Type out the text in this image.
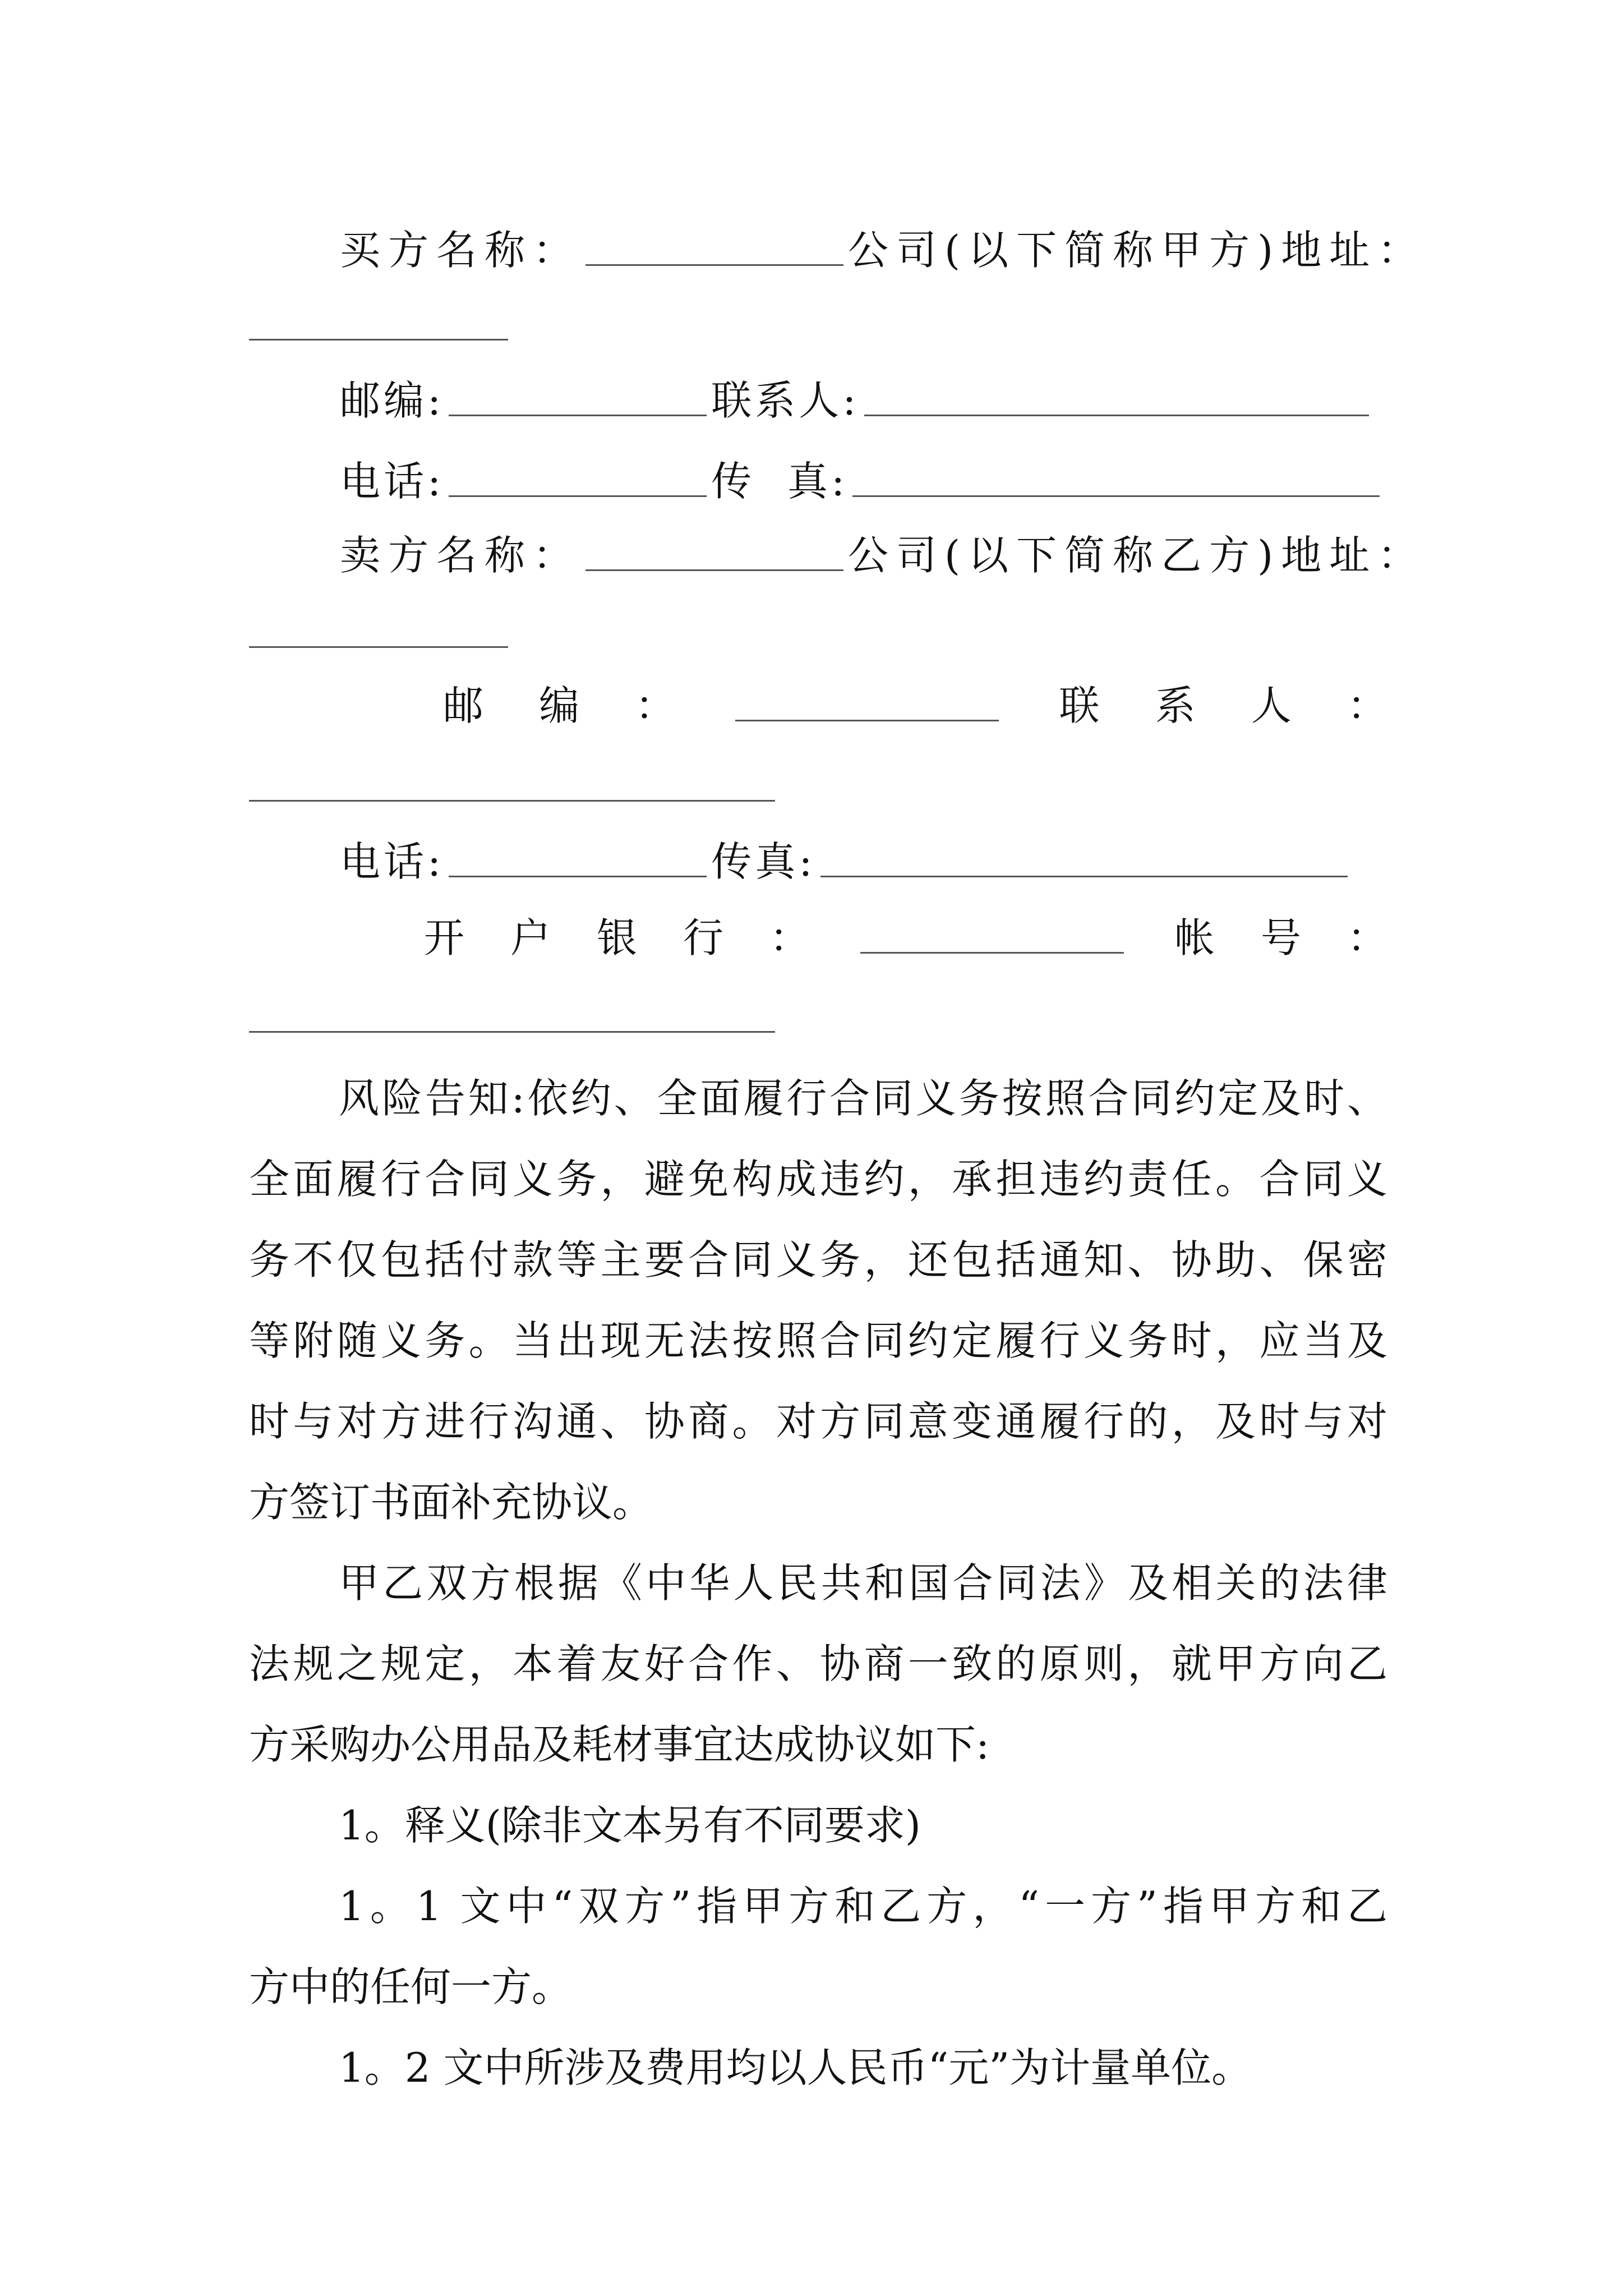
买方名称：	公司(以下简称甲方)地址：
邮编:	联系人:
电话:	传  真:
卖方名称：	公司(以下简称乙方)地址：
邮 编 ：	联 系 人 ：
电话:	传真:
开 户 银 行 ：	帐 号 ：
风险告知:依约、全面履行合同义务按照合同约定及时、
全面履行合同义务，避免构成违约，承担违约责任。合同义
务不仅包括付款等主要合同义务，还包括通知、协助、保密
等附随义务。当出现无法按照合同约定履行义务时，应当及
时与对方进行沟通、协商。对方同意变通履行的，及时与对
方签订书面补充协议。
甲乙双方根据《中华人民共和国合同法》及相关的法律
法规之规定，本着友好合作、协商一致的原则，就甲方向乙
方采购办公用品及耗材事宜达成协议如下:
1。释义(除非文本另有不同要求)
1。1 文中“双方”指甲方和乙方，“一方”指甲方和乙
方中的任何一方。
1。2 文中所涉及费用均以人民币“元”为计量单位。
